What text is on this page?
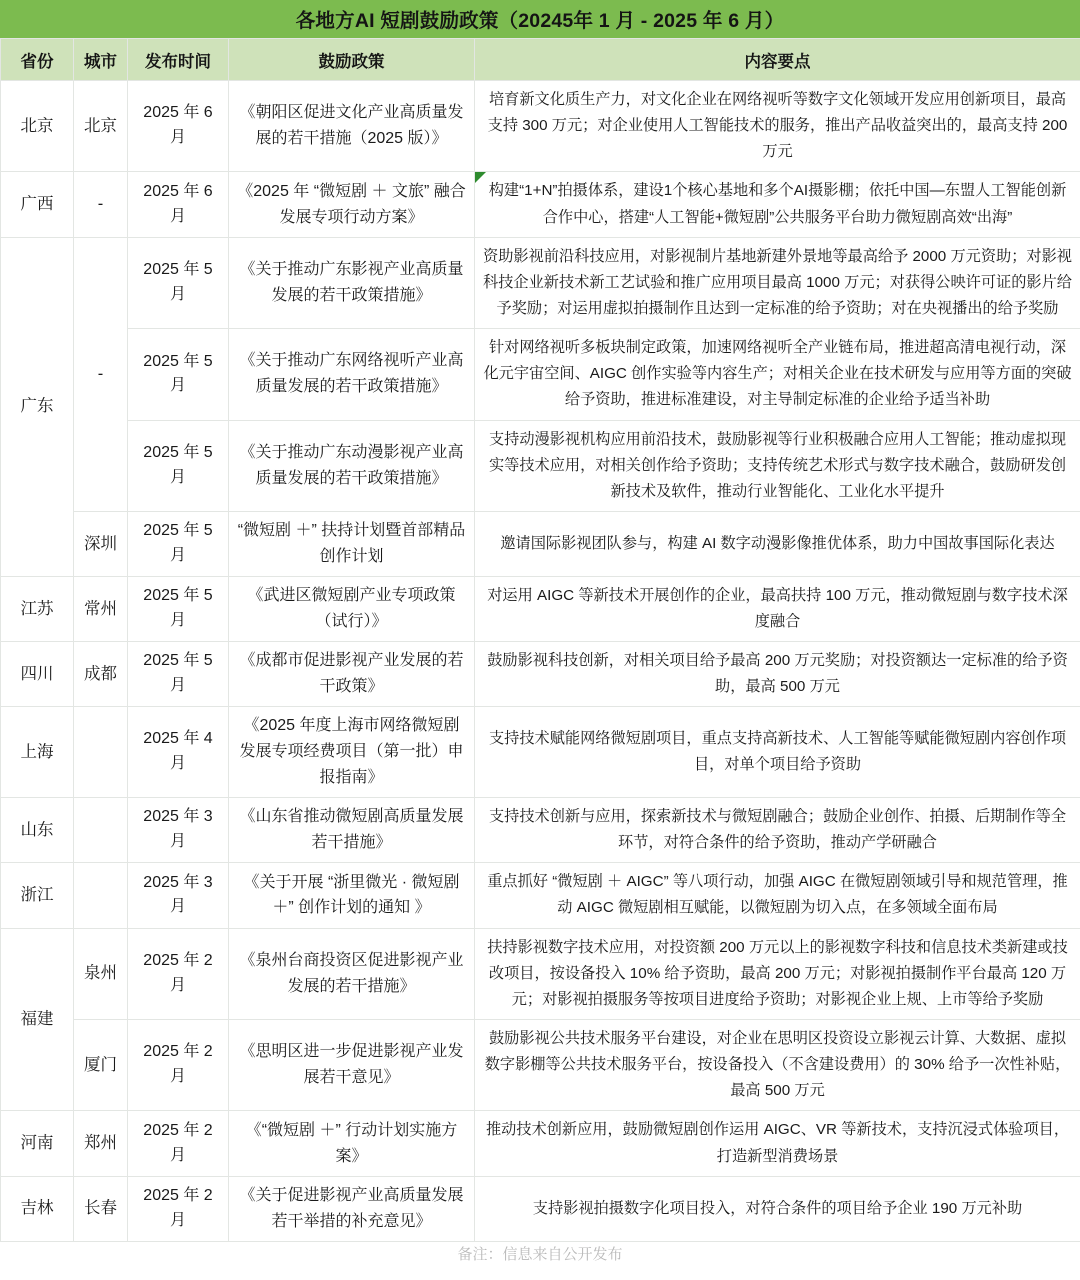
各地方AI 短剧鼓励政策（20245年 1 月 - 2025 年 6 月）
省份	城市	发布时间	鼓励政策	内容要点
北京	北京	2025 年 6 月	《朝阳区促进文化产业高质量发展的若干措施（2025 版）》	培育新文化质生产力，对文化企业在网络视听等数字文化领域开发应用创新项目，最高支持 300 万元；对企业使用人工智能技术的服务，推出产品收益突出的，最高支持 200 万元
广西	-	2025 年 6 月	《2025 年 “微短剧 ＋ 文旅” 融合发展专项行动方案》	构建“1+N”拍摄体系，建设1个核心基地和多个AI摄影棚；依托中国—东盟人工智能创新合作中心，搭建“人工智能+微短剧”公共服务平台助力微短剧高效“出海”
广东	-	2025 年 5 月	《关于推动广东影视产业高质量发展的若干政策措施》	资助影视前沿科技应用，对影视制片基地新建外景地等最高给予 2000 万元资助；对影视科技企业新技术新工艺试验和推广应用项目最高 1000 万元；对获得公映许可证的影片给予奖励；对运用虚拟拍摄制作且达到一定标准的给予资助；对在央视播出的给予奖励
		2025 年 5 月	《关于推动广东网络视听产业高质量发展的若干政策措施》	针对网络视听多板块制定政策，加速网络视听全产业链布局，推进超高清电视行动，深化元宇宙空间、AIGC 创作实验等内容生产；对相关企业在技术研发与应用等方面的突破给予资助，推进标准建设，对主导制定标准的企业给予适当补助
		2025 年 5 月	《关于推动广东动漫影视产业高质量发展的若干政策措施》	支持动漫影视机构应用前沿技术，鼓励影视等行业积极融合应用人工智能；推动虚拟现实等技术应用，对相关创作给予资助；支持传统艺术形式与数字技术融合，鼓励研发创新技术及软件，推动行业智能化、工业化水平提升
	深圳	2025 年 5 月	“微短剧 ＋” 扶持计划暨首部精品创作计划	邀请国际影视团队参与，构建 AI 数字动漫影像推优体系，助力中国故事国际化表达
江苏	常州	2025 年 5 月	《武进区微短剧产业专项政策（试行）》	对运用 AIGC 等新技术开展创作的企业，最高扶持 100 万元，推动微短剧与数字技术深度融合
四川	成都	2025 年 5 月	《成都市促进影视产业发展的若干政策》	鼓励影视科技创新，对相关项目给予最高 200 万元奖励；对投资额达一定标准的给予资助，最高 500 万元
上海		2025 年 4 月	《2025 年度上海市网络微短剧发展专项经费项目（第一批）申报指南》	支持技术赋能网络微短剧项目，重点支持高新技术、人工智能等赋能微短剧内容创作项目，对单个项目给予资助
山东		2025 年 3 月	《山东省推动微短剧高质量发展若干措施》	支持技术创新与应用，探索新技术与微短剧融合；鼓励企业创作、拍摄、后期制作等全环节，对符合条件的给予资助，推动产学研融合
浙江		2025 年 3 月	《关于开展 “浙里微光 · 微短剧 ＋” 创作计划的通知 》	重点抓好 “微短剧 ＋ AIGC” 等八项行动，加强 AIGC 在微短剧领域引导和规范管理，推动 AIGC 微短剧相互赋能，以微短剧为切入点，在多领域全面布局
福建	泉州	2025 年 2 月	《泉州台商投资区促进影视产业发展的若干措施》	扶持影视数字技术应用，对投资额 200 万元以上的影视数字科技和信息技术类新建或技改项目，按设备投入 10% 给予资助，最高 200 万元；对影视拍摄制作平台最高 120 万元；对影视拍摄服务等按项目进度给予资助；对影视企业上规、上市等给予奖励
	厦门	2025 年 2 月	《思明区进一步促进影视产业发展若干意见》	鼓励影视公共技术服务平台建设，对企业在思明区投资设立影视云计算、大数据、虚拟数字影棚等公共技术服务平台，按设备投入（不含建设费用）的 30% 给予一次性补贴，最高 500 万元
河南	郑州	2025 年 2 月	《“微短剧 ＋” 行动计划实施方案》	推动技术创新应用，鼓励微短剧创作运用 AIGC、VR 等新技术，支持沉浸式体验项目，打造新型消费场景
吉林	长春	2025 年 2 月	《关于促进影视产业高质量发展若干举措的补充意见》	支持影视拍摄数字化项目投入，对符合条件的项目给予企业 190 万元补助
备注：信息来自公开发布
